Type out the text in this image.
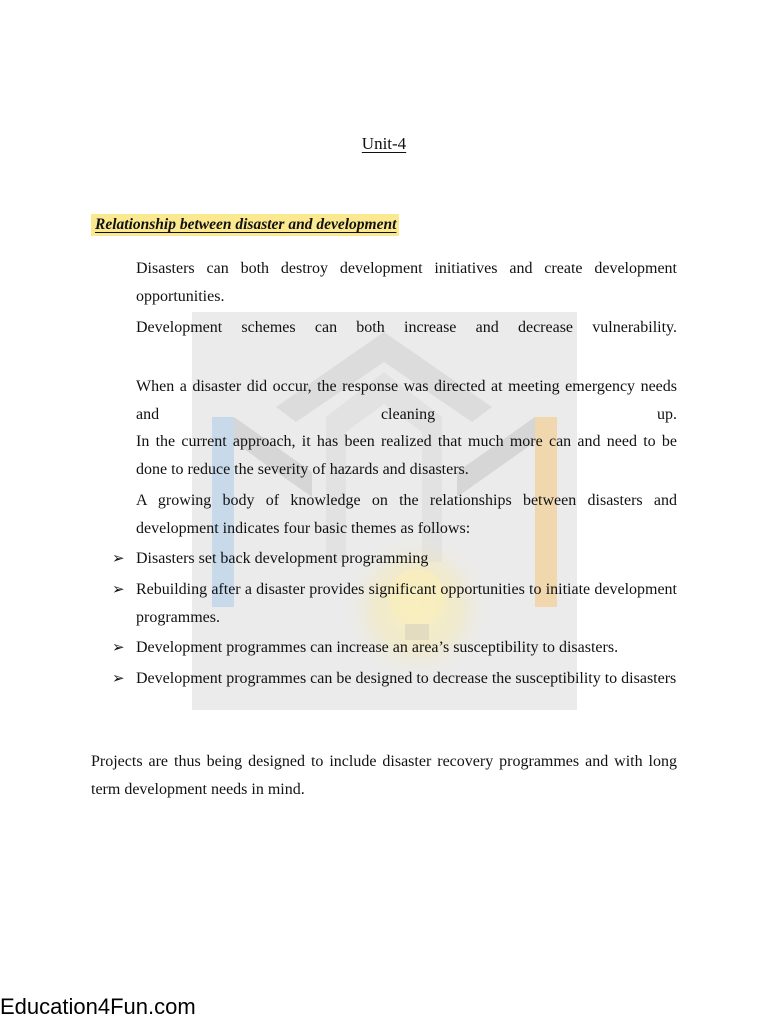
Unit-4
Relationship between disaster and development

Disasters can both destroy development initiatives and create development opportunities.

Development schemes can both increase and decrease vulnerability.

When a disaster did occur, the response was directed at meeting emergency needs and cleaning up.

In the current approach, it has been realized that much more can and need to be done to reduce the severity of hazards and disasters.

A growing body of knowledge on the relationships between disasters and development indicates four basic themes as follows:

➢ Disasters set back development programming
➢ Rebuilding after a disaster provides significant opportunities to initiate development programmes.
➢ Development programmes can increase an area’s susceptibility to disasters.
➢ Development programmes can be designed to decrease the susceptibility to disasters

Projects are thus being designed to include disaster recovery programmes and with long term development needs in mind.

Education4Fun.com
